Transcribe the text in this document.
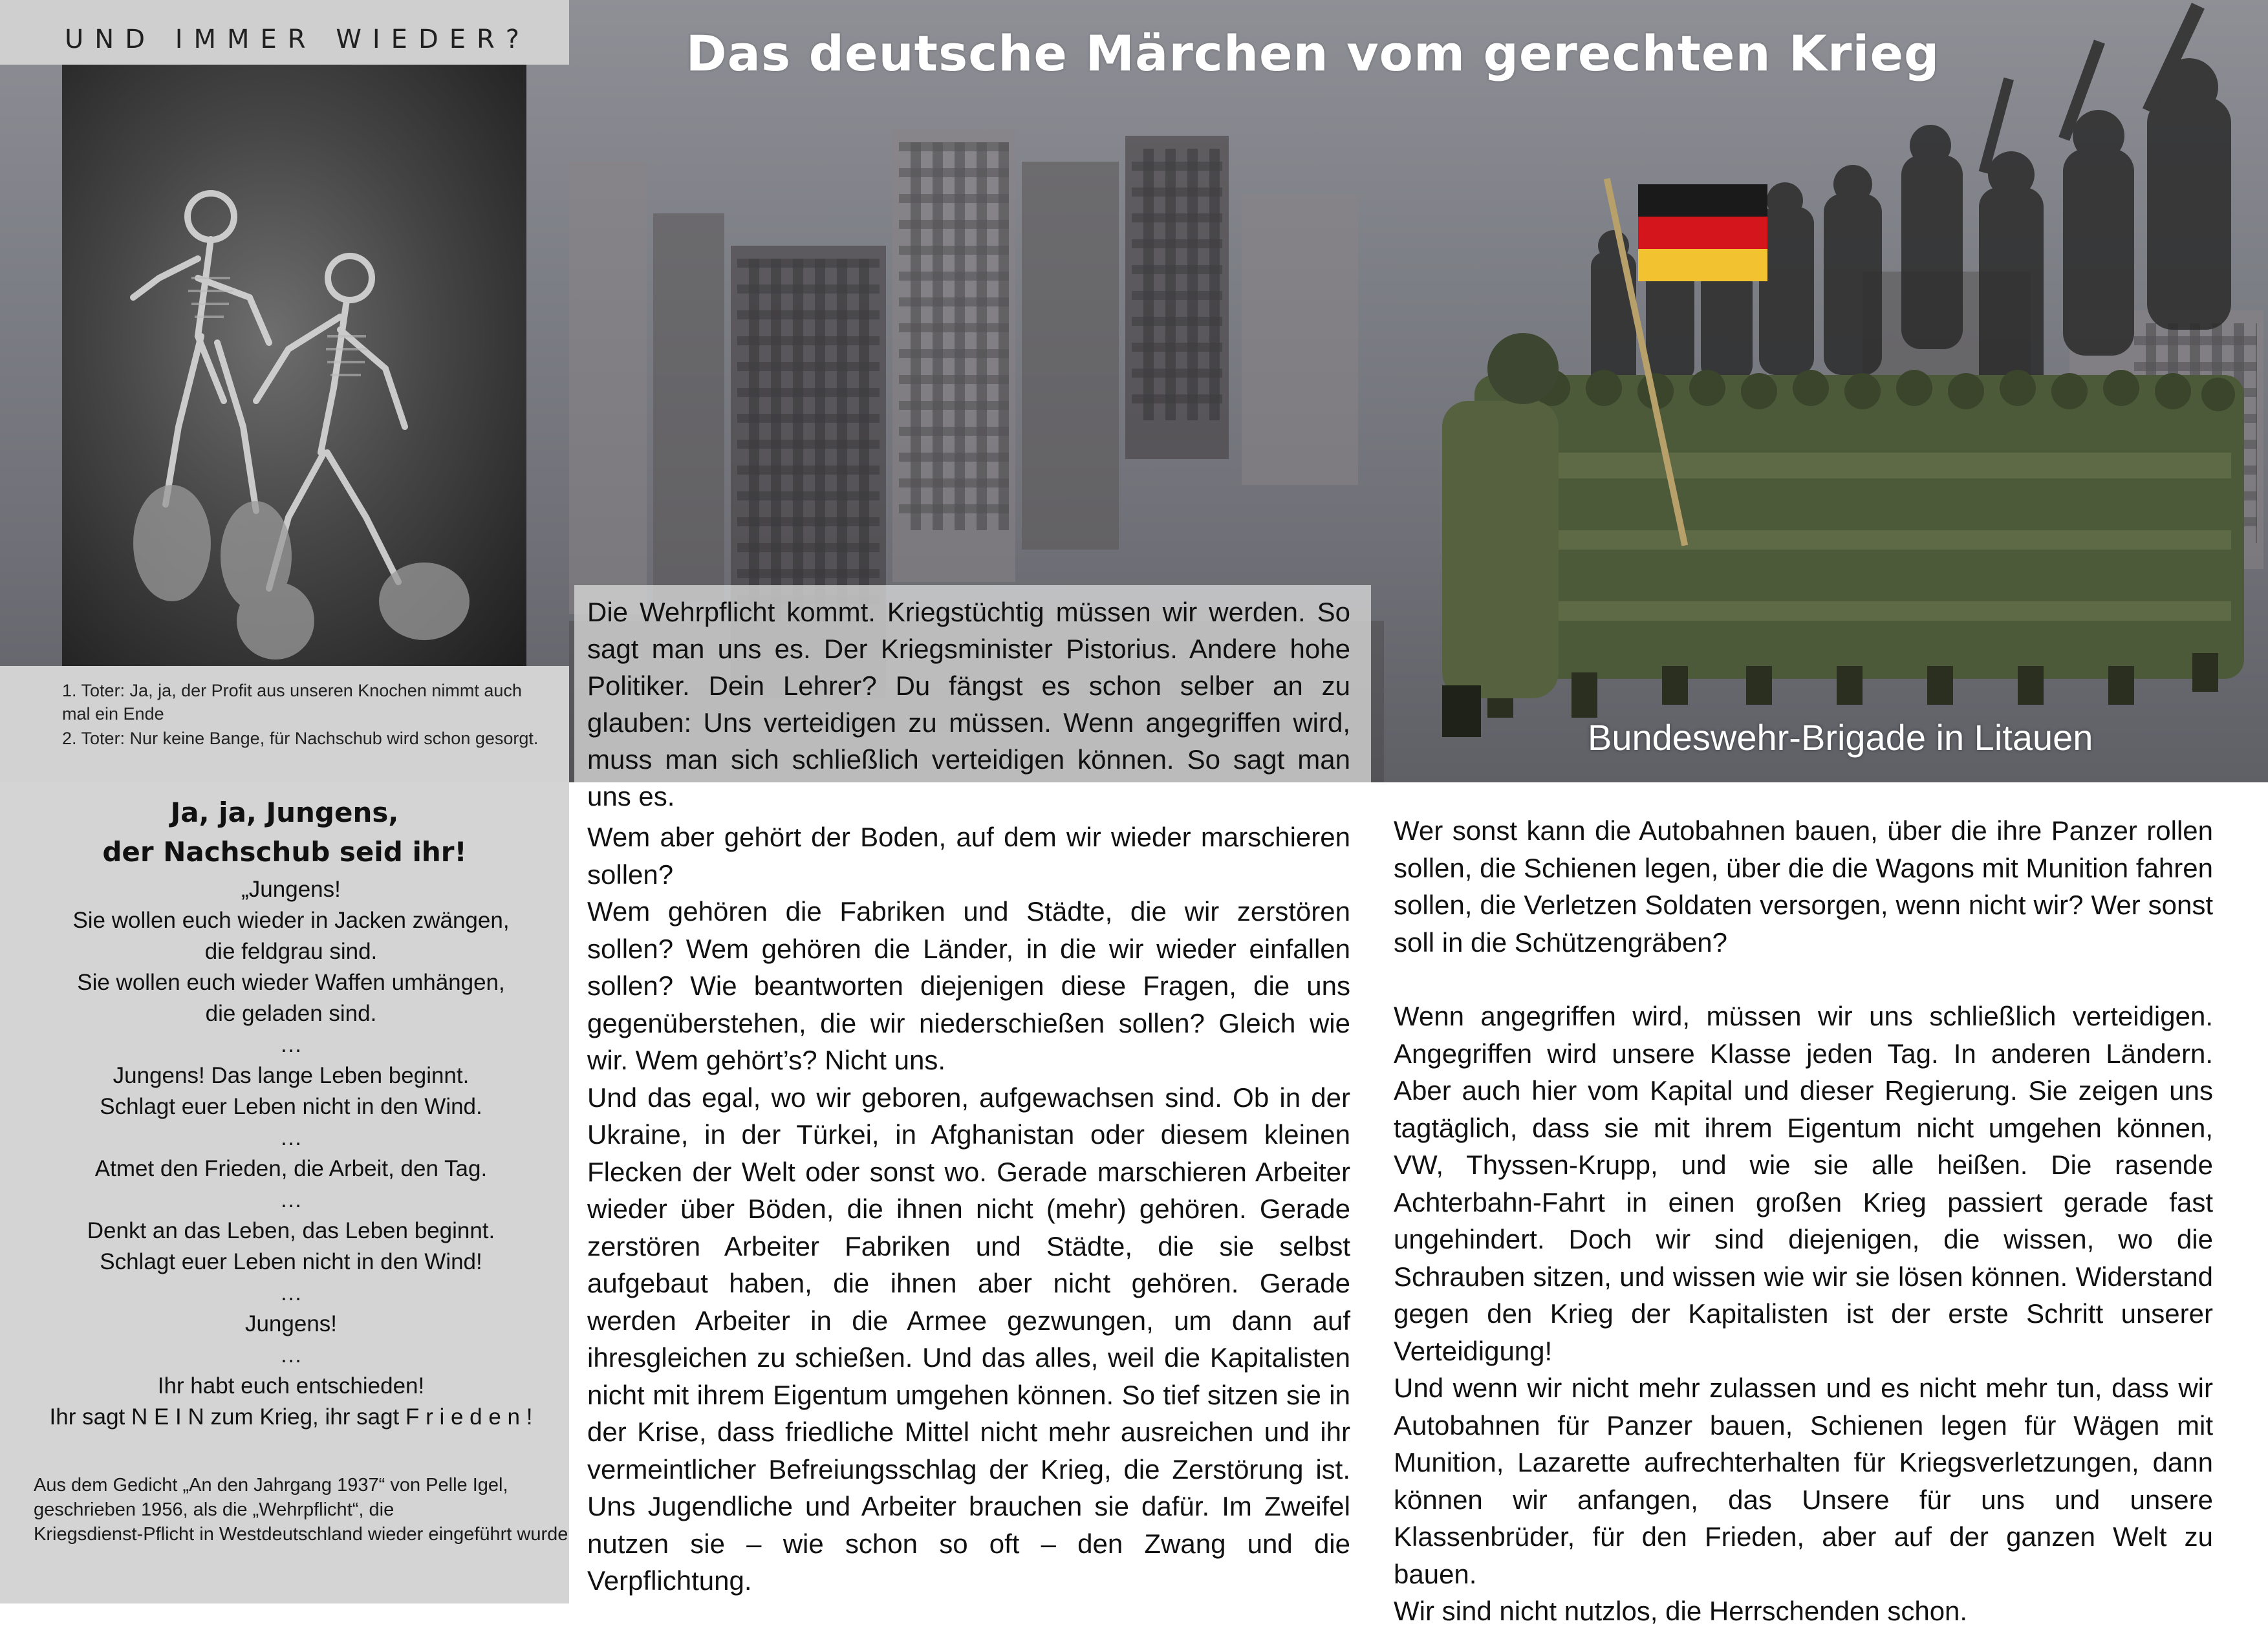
Das deutsche Märchen vom gerechten Krieg
Die Wehrpflicht kommt. Kriegstüchtig müssen wir werden. So sagt man uns es. Der Kriegsminister Pistorius. Andere hohe Politiker. Dein Lehrer? Du fängst es schon selber an zu glauben: Uns verteidigen zu müssen. Wenn angegriffen wird, muss man sich schließlich verteidigen können. So sagt man uns es.
Bundeswehr-Brigade in Litauen
UND IMMER WIEDER?
1. Toter: Ja, ja, der Profit aus unseren Knochen nimmt auch
mal ein Ende
2. Toter: Nur keine Bange, für Nachschub wird schon gesorgt.
Ja, ja, Jungens,
der Nachschub seid ihr!
„Jungens!
Sie wollen euch wieder in Jacken zwängen,
die feldgrau sind.
Sie wollen euch wieder Waffen umhängen,
die geladen sind.
…
Jungens! Das lange Leben beginnt.
Schlagt euer Leben nicht in den Wind.
…
Atmet den Frieden, die Arbeit, den Tag.
…
Denkt an das Leben, das Leben beginnt.
Schlagt euer Leben nicht in den Wind!
…
Jungens!
…
Ihr habt euch entschieden!
Ihr sagt N E I N zum Krieg, ihr sagt F r i e d e n !
Aus dem Gedicht „An den Jahrgang 1937“ von Pelle Igel,
geschrieben 1956, als die „Wehrpflicht“, die
Kriegsdienst-Pflicht in Westdeutschland wieder eingeführt wurde

Wem aber gehört der Boden, auf dem wir wieder marschieren sollen?

Wem gehören die Fabriken und Städte, die wir zerstören sollen? Wem gehören die Länder, in die wir wieder einfallen sollen? Wie beantworten diejenigen diese Fragen, die uns gegenüberstehen, die wir niederschießen sollen? Gleich wie wir. Wem gehört’s? Nicht uns.

Und das egal, wo wir geboren, aufgewachsen sind. Ob in der Ukraine, in der Türkei, in Afghanistan oder diesem kleinen Flecken der Welt oder sonst wo. Gerade marschieren Arbeiter wieder über Böden, die ihnen nicht (mehr) gehören. Gerade zerstören Arbeiter Fabriken und Städte, die sie selbst aufgebaut haben, die ihnen aber nicht gehören. Gerade werden Arbeiter in die Armee gezwungen, um dann auf ihresgleichen zu schießen. Und das alles, weil die Kapitalisten nicht mit ihrem Eigentum umgehen können. So tief sitzen sie in der Krise, dass friedliche Mittel nicht mehr ausreichen und ihr vermeintlicher Befreiungsschlag der Krieg, die Zerstörung ist. Uns Jugendliche und Arbeiter brauchen sie dafür. Im Zweifel nutzen sie – wie schon so oft – den Zwang und die Verpflichtung.

Wer sonst kann die Autobahnen bauen, über die ihre Panzer rollen sollen, die Schienen legen, über die die Wagons mit Munition fahren sollen, die Verletzen Soldaten versorgen, wenn nicht wir? Wer sonst soll in die Schützengräben?

Wenn angegriffen wird, müssen wir uns schließlich verteidigen. Angegriffen wird unsere Klasse jeden Tag. In anderen Ländern. Aber auch hier vom Kapital und dieser Regierung. Sie zeigen uns tagtäglich, dass sie mit ihrem Eigentum nicht umgehen können, VW, Thyssen-Krupp, und wie sie alle heißen. Die rasende Achterbahn-Fahrt in einen großen Krieg passiert gerade fast ungehindert. Doch wir sind diejenigen, die wissen, wo die Schrauben sitzen, und wissen wie wir sie lösen können. Widerstand gegen den Krieg der Kapitalisten ist der erste Schritt unserer Verteidigung!

Und wenn wir nicht mehr zulassen und es nicht mehr tun, dass wir Autobahnen für Panzer bauen, Schienen legen für Wägen mit Munition, Lazarette aufrechterhalten für Kriegsverletzungen, dann können wir anfangen, das Unsere für uns und unsere Klassenbrüder, für den Frieden, aber auf der ganzen Welt zu bauen.

Wir sind nicht nutzlos, die Herrschenden schon.
